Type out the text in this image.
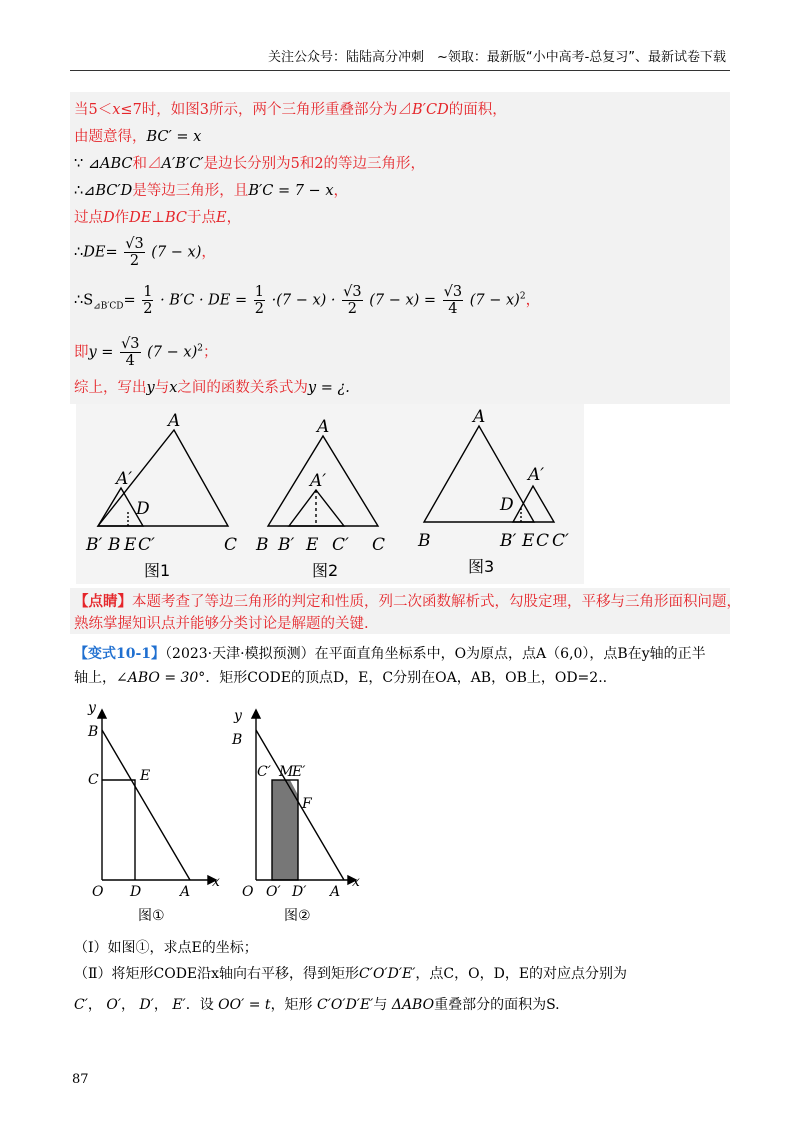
关注公众号：陆陆高分冲刺　~领取：最新版“小中高考-总复习”、最新试卷下载
当5＜x≤7时，如图3所示，两个三角形重叠部分为⊿B′CD的面积，
由题意得，BC′ = x
∵ ⊿ABC和⊿A′B′C′是边长分别为5和2的等边三角形，
∴⊿BC′D是等边三角形，且B′C = 7 − x，
过点D作DE⊥BC于点E，
∴DE= $\frac{√3}{2} (7 - x)$，
$\therefore S_{⊿B'CD}= \frac{1}{2} \cdot B'C$ · DE = $\frac{1}{2} \cdot(7 - x) \cdot \frac{√3}{2} (7 - x) = \frac{√3}{4} (7 - x)^2$，
即$y = \frac{√3}{4} (7 - x)^2$；
综上，写出y与x之间的函数关系式为y = ¿.
A
A′
D
B′ B E C′	C
图1
A
A′
B B′ E C′ C
图2
A
A′
D
B	B′ E C C′
图3
【点睛】本题考查了等边三角形的判定和性质，列二次函数解析式，勾股定理，平移与三角形面积问题，
熟练掌握知识点并能够分类讨论是解题的关键.
【变式10-1】（2023·天津·模拟预测）在平面直角坐标系中，O为原点，点A（6,0），点B在y轴的正半
轴上，∠ABO = 30°．矩形CODE的顶点D，E，C分别在OA，AB，OB上，OD=2..
y
x
B
C	E
O D	A
图①
y
x
B
C′ M
E′
F
O O′ D′ A
图②
（Ⅰ）如图①，求点E的坐标；
（Ⅱ）将矩形CODE沿x轴向右平移，得到矩形C′O′D′E′，点C，O，D，E的对应点分别为
C′， O′， D′， E′．设 OO′ = t，矩形 C′O′D′E′与 ΔABO重叠部分的面积为S.
87
